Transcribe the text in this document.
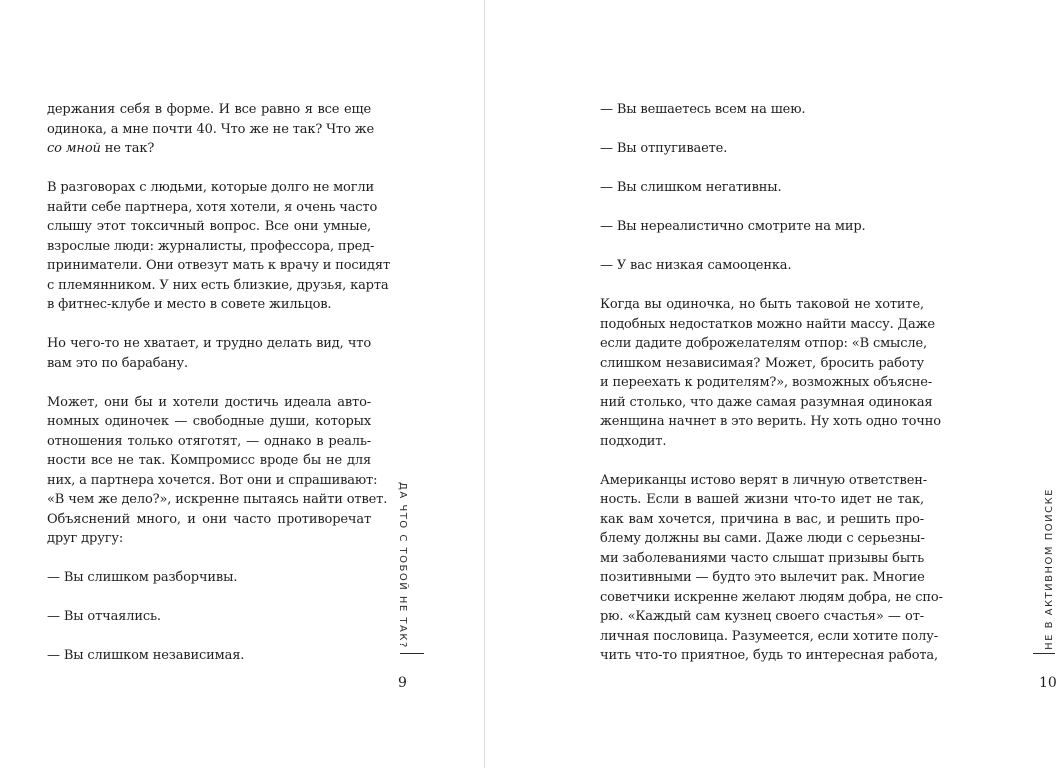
держания себя в форме. И все равно я все еще
одинока, а мне почти 40. Что же не так? Что же
со мной не так?
В разговорах с людьми, которые долго не могли
найти себе партнера, хотя хотели, я очень часто
слышу этот токсичный вопрос. Все они умные,
взрослые люди: журналисты, профессора, пред-
приниматели. Они отвезут мать к врачу и посидят
с племянником. У них есть близкие, друзья, карта
в фитнес-клубе и место в совете жильцов.
Но чего-то не хватает, и трудно делать вид, что
вам это по барабану.
Может, они бы и хотели достичь идеала авто-
номных одиночек — свободные души, которых
отношения только отяготят, — однако в реаль-
ности все не так. Компромисс вроде бы не для
них, а партнера хочется. Вот они и спрашивают:
«В чем же дело?», искренне пытаясь найти ответ.
Объяснений много, и они часто противоречат
друг другу:
— Вы слишком разборчивы.
— Вы отчаялись.
— Вы слишком независимая.
ДА ЧТО С ТОБОЙ НЕ ТАК?
9
— Вы вешаетесь всем на шею.
— Вы отпугиваете.
— Вы слишком негативны.
— Вы нереалистично смотрите на мир.
— У вас низкая самооценка.
Когда вы одиночка, но быть таковой не хотите,
подобных недостатков можно найти массу. Даже
если дадите доброжелателям отпор: «В смысле,
слишком независимая? Может, бросить работу
и переехать к родителям?», возможных объясне-
ний столько, что даже самая разумная одинокая
женщина начнет в это верить. Ну хоть одно точно
подходит.
Американцы истово верят в личную ответствен-
ность. Если в вашей жизни что-то идет не так,
как вам хочется, причина в вас, и решить про-
блему должны вы сами. Даже люди с серьезны-
ми заболеваниями часто слышат призывы быть
позитивными — будто это вылечит рак. Многие
советчики искренне желают людям добра, не спо-
рю. «Каждый сам кузнец своего счастья» — от-
личная пословица. Разумеется, если хотите полу-
чить что-то приятное, будь то интересная работа,
НЕ В АКТИВНОМ ПОИСКЕ
10
